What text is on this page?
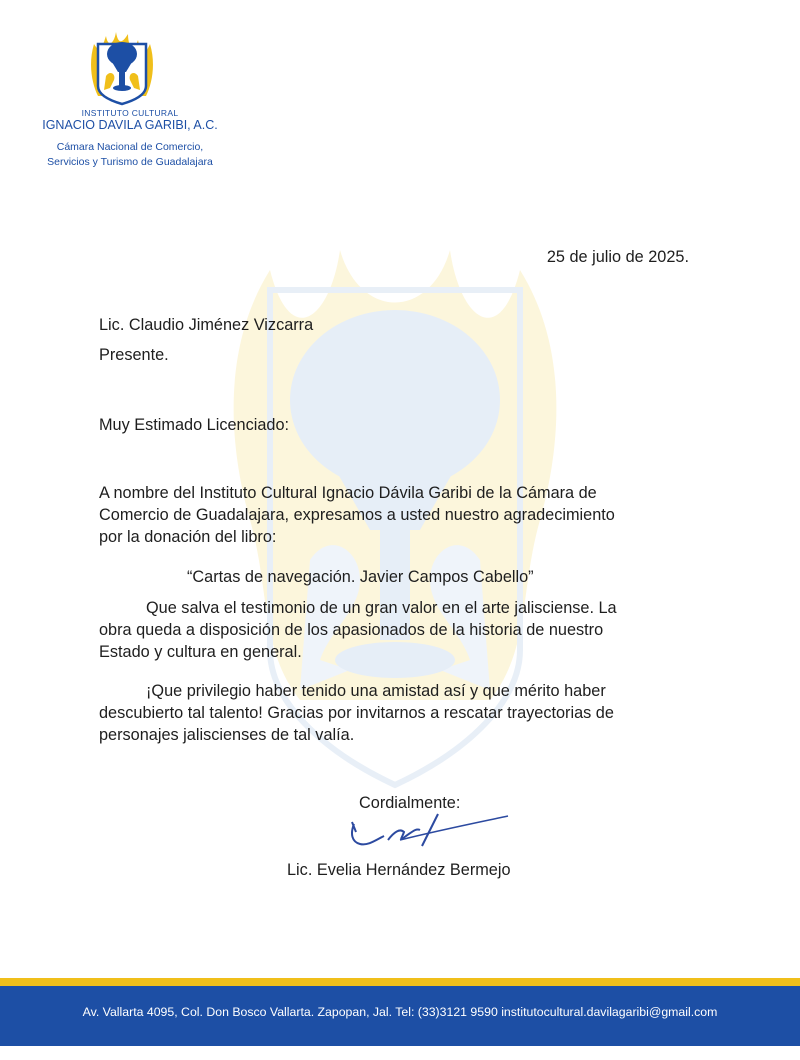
INSTITUTO CULTURAL

IGNACIO DAVILA GARIBI, A.C.

Cámara Nacional de Comercio,

Servicios y Turismo de Guadalajara

25 de julio de 2025.

Lic. Claudio Jiménez Vizcarra

Presente.

Muy Estimado Licenciado:

A nombre del Instituto Cultural Ignacio Dávila Garibi de la Cámara de
Comercio de Guadalajara, expresamos a usted nuestro agradecimiento
por la donación del libro:

“Cartas de navegación. Javier Campos Cabello”

Que salva el testimonio de un gran valor en el arte jalisciense. La
obra queda a disposición de los apasionados de la historia de nuestro
Estado y cultura en general.

¡Que privilegio haber tenido una amistad así y que mérito haber
descubierto tal talento! Gracias por invitarnos a rescatar trayectorias de
personajes jaliscienses de tal valía.

Cordialmente:

Lic. Evelia Hernández Bermejo

Av. Vallarta 4095, Col. Don Bosco Vallarta. Zapopan, Jal. Tel: (33)3121 9590 institutocultural.davilagaribi@gmail.com
